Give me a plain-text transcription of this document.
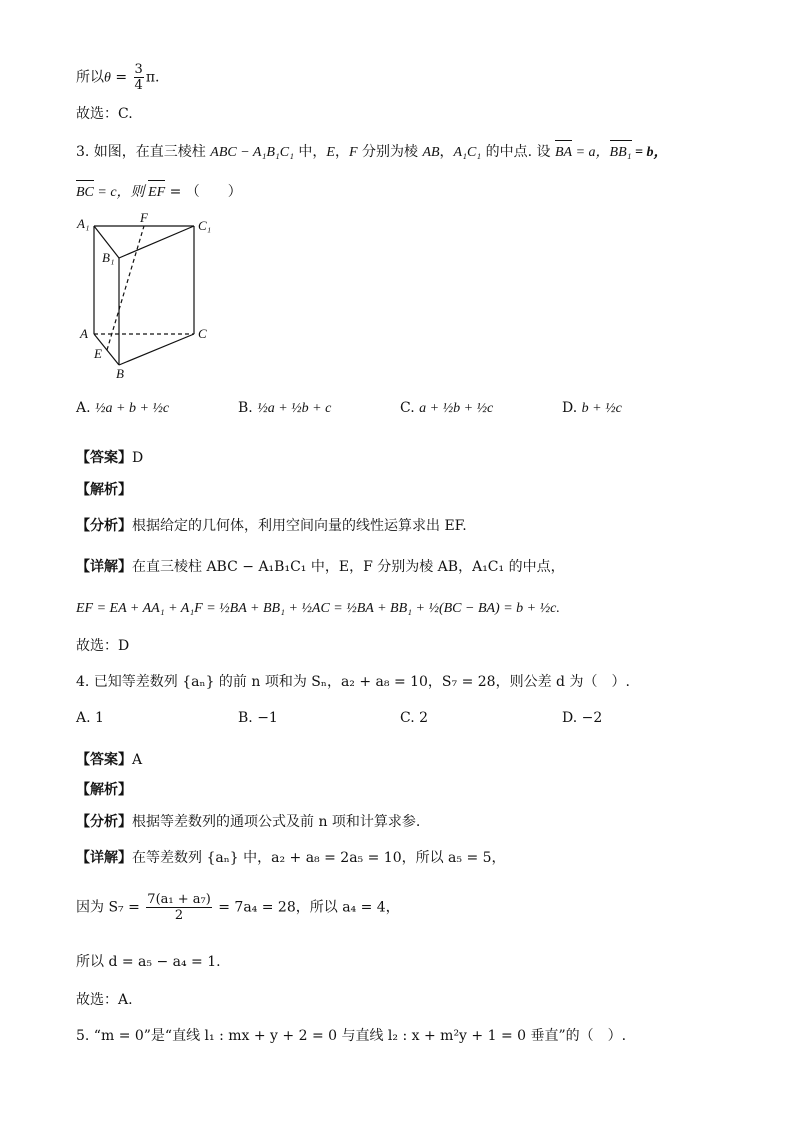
所以$\theta = \frac{3}{4} \pi$.
故选：C.
3. 如图，在直三棱柱 ABC − A₁B₁C₁ 中，E，F 分别为棱 AB，A₁C₁ 的中点. 设 BA = a，BB₁ = b，
BC = c，则 EF = （　　）
A₁	F
C₁
B₁
A	C
E
B
A. ½a + b + ½c	B. ½a + ½b + c	C. a + ½b + ½c	D. b + ½c
【答案】D
【解析】
【分析】根据给定的几何体，利用空间向量的线性运算求出 EF.
【详解】在直三棱柱 ABC − A₁B₁C₁ 中，E，F 分别为棱 AB，A₁C₁ 的中点，
EF = EA + AA₁ + A₁F = ½BA + BB₁ + ½AC = ½BA + BB₁ + ½(BC − BA) = b + ½c.
故选：D
4. 已知等差数列 {aₙ} 的前 n 项和为 Sₙ，a₂ + a₈ = 10，S₇ = 28，则公差 d 为（　）.
A. 1	B. −1	C. 2	D. −2
【答案】A
【解析】
【分析】根据等差数列的通项公式及前 n 项和计算求参.
【详解】在等差数列 {aₙ} 中，a₂ + a₈ = 2a₅ = 10，所以 a₅ = 5，
因为 $S_7 = \frac{\text{7(a₁ + a₇)}}{2} = 7a_4 = 28$，所以 a₄ = 4，
所以 d = a₅ − a₄ = 1.
故选：A.
5. “m = 0”是“直线 l₁ : mx + y + 2 = 0 与直线 l₂ : x + m²y + 1 = 0 垂直”的（　）.
